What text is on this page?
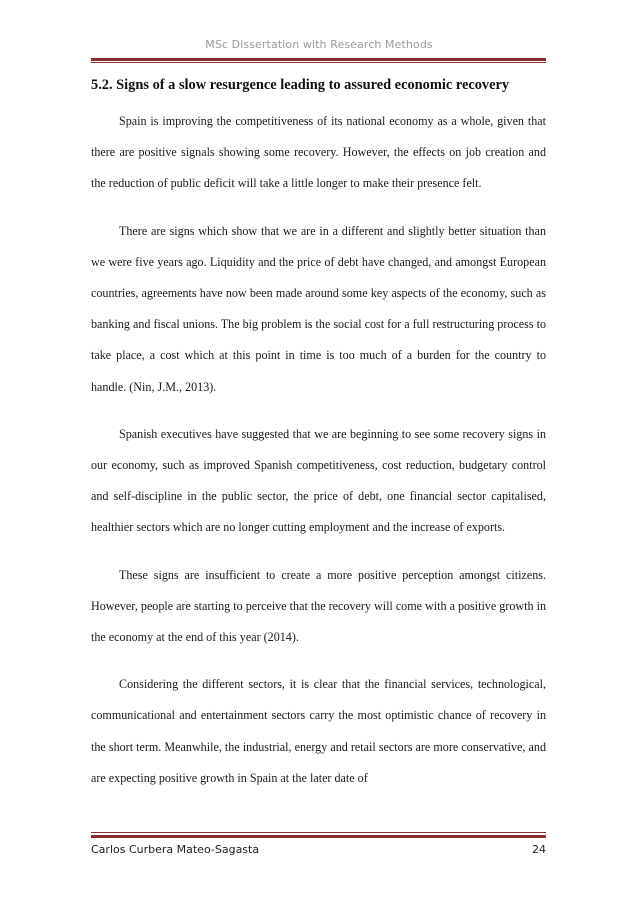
MSc Dissertation with Research Methods
5.2. Signs of a slow resurgence leading to assured economic recovery

Spain is improving the competitiveness of its national economy as a whole, given that there are positive signals showing some recovery. However, the effects on job creation and the reduction of public deficit will take a little longer to make their presence felt.

There are signs which show that we are in a different and slightly better situation than we were five years ago. Liquidity and the price of debt have changed, and amongst European countries, agreements have now been made around some key aspects of the economy, such as banking and fiscal unions. The big problem is the social cost for a full restructuring process to take place, a cost which at this point in time is too much of a burden for the country to handle. (Nin, J.M., 2013).

Spanish executives have suggested that we are beginning to see some recovery signs in our economy, such as improved Spanish competitiveness, cost reduction, budgetary control and self-discipline in the public sector, the price of debt, one financial sector capitalised, healthier sectors which are no longer cutting employment and the increase of exports.

These signs are insufficient to create a more positive perception amongst citizens. However, people are starting to perceive that the recovery will come with a positive growth in the economy at the end of this year (2014).

Considering the different sectors, it is clear that the financial services, technological, communicational and entertainment sectors carry the most optimistic chance of recovery in the short term. Meanwhile, the industrial, energy and retail sectors are more conservative, and are expecting positive growth in Spain at the later date of

Carlos Curbera Mateo-Sagasta	24
